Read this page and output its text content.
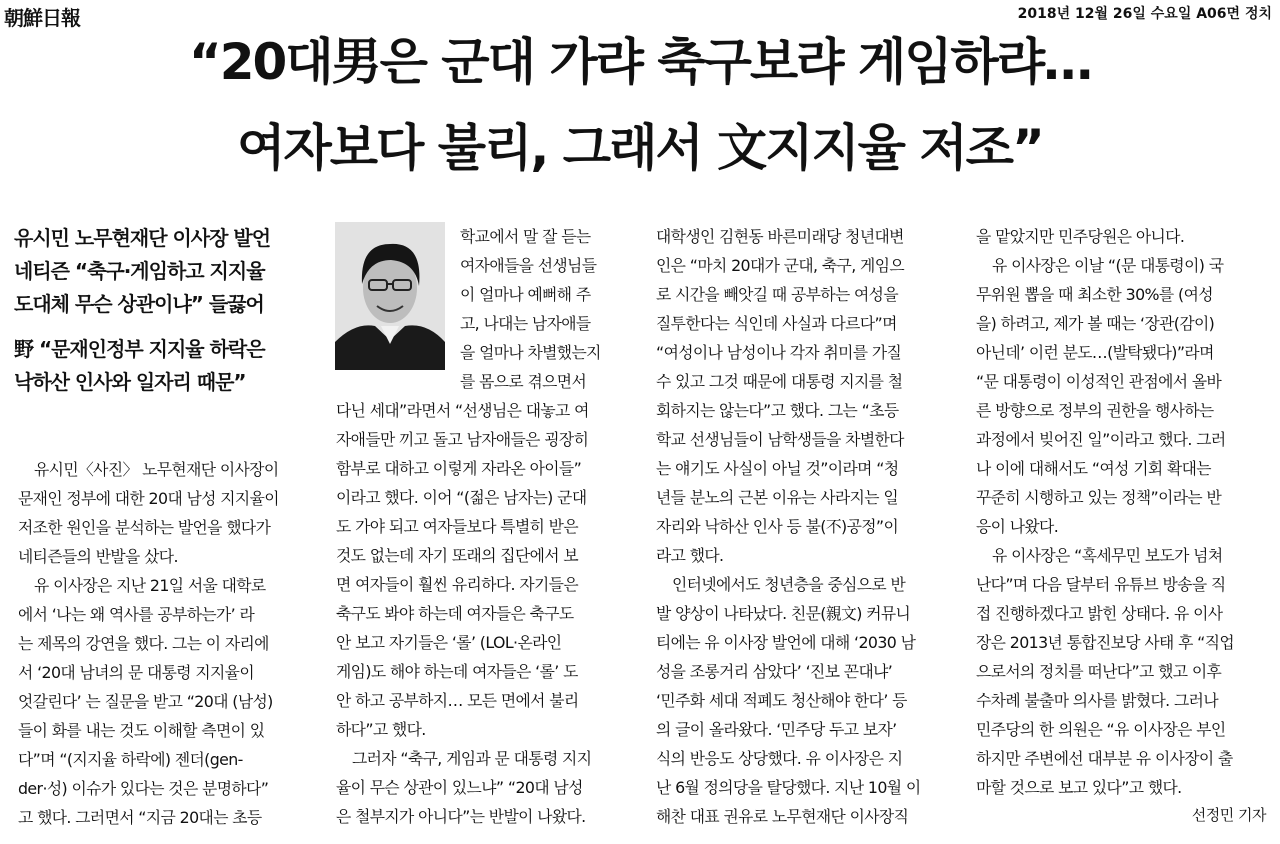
朝鮮日報	2018년 12월 26일 수요일 A06면 정치
“20대男은 군대 가랴 축구보랴 게임하랴…
여자보다 불리, 그래서 文지지율 저조”
유시민 노무현재단 이사장 발언
네티즌 “축구·게임하고 지지율
도대체 무슨 상관이냐” 들끓어
野 “문재인정부 지지율 하락은
낙하산 인사와 일자리 때문”
유시민〈사진〉 노무현재단 이사장이
문재인 정부에 대한 20대 남성 지지율이
저조한 원인을 분석하는 발언을 했다가
네티즌들의 반발을 샀다.
유 이사장은 지난 21일 서울 대학로
에서 ‘나는 왜 역사를 공부하는가’ 라
는 제목의 강연을 했다. 그는 이 자리에
서 ‘20대 남녀의 문 대통령 지지율이
엇갈린다’ 는 질문을 받고 “20대 (남성)
들이 화를 내는 것도 이해할 측면이 있
다”며 “(지지율 하락에) 젠더(gen-
der·성) 이슈가 있다는 것은 분명하다”
고 했다. 그러면서 “지금 20대는 초등
학교에서 말 잘 듣는
여자애들을 선생님들
이 얼마나 예뻐해 주
고, 나대는 남자애들
을 얼마나 차별했는지
를 몸으로 겪으면서
다닌 세대”라면서 “선생님은 대놓고 여
자애들만 끼고 돌고 남자애들은 굉장히
함부로 대하고 이렇게 자라온 아이들”
이라고 했다. 이어 “(젊은 남자는) 군대
도 가야 되고 여자들보다 특별히 받은
것도 없는데 자기 또래의 집단에서 보
면 여자들이 훨씬 유리하다. 자기들은
축구도 봐야 하는데 여자들은 축구도
안 보고 자기들은 ‘롤’ (LOL·온라인
게임)도 해야 하는데 여자들은 ‘롤’ 도
안 하고 공부하지… 모든 면에서 불리
하다”고 했다.
그러자 “축구, 게임과 문 대통령 지지
율이 무슨 상관이 있느냐” “20대 남성
은 철부지가 아니다”는 반발이 나왔다.
대학생인 김현동 바른미래당 청년대변
인은 “마치 20대가 군대, 축구, 게임으
로 시간을 빼앗길 때 공부하는 여성을
질투한다는 식인데 사실과 다르다”며
“여성이나 남성이나 각자 취미를 가질
수 있고 그것 때문에 대통령 지지를 철
회하지는 않는다”고 했다. 그는 “초등
학교 선생님들이 남학생들을 차별한다
는 얘기도 사실이 아닐 것”이라며 “청
년들 분노의 근본 이유는 사라지는 일
자리와 낙하산 인사 등 불(不)공정”이
라고 했다.
인터넷에서도 청년층을 중심으로 반
발 양상이 나타났다. 친문(親文) 커뮤니
티에는 유 이사장 발언에 대해 ‘2030 남
성을 조롱거리 삼았다’ ‘진보 꼰대냐’
‘민주화 세대 적폐도 청산해야 한다’ 등
의 글이 올라왔다. ‘민주당 두고 보자’
식의 반응도 상당했다. 유 이사장은 지
난 6월 정의당을 탈당했다. 지난 10월 이
해찬 대표 권유로 노무현재단 이사장직
을 맡았지만 민주당원은 아니다.
유 이사장은 이날 “(문 대통령이) 국
무위원 뽑을 때 최소한 30%를 (여성
을) 하려고, 제가 볼 때는 ‘장관(감이)
아닌데’ 이런 분도…(발탁됐다)”라며
“문 대통령이 이성적인 관점에서 올바
른 방향으로 정부의 권한을 행사하는
과정에서 빚어진 일”이라고 했다. 그러
나 이에 대해서도 “여성 기회 확대는
꾸준히 시행하고 있는 정책”이라는 반
응이 나왔다.
유 이사장은 “혹세무민 보도가 넘쳐
난다”며 다음 달부터 유튜브 방송을 직
접 진행하겠다고 밝힌 상태다. 유 이사
장은 2013년 통합진보당 사태 후 “직업
으로서의 정치를 떠난다”고 했고 이후
수차례 불출마 의사를 밝혔다. 그러나
민주당의 한 의원은 “유 이사장은 부인
하지만 주변에선 대부분 유 이사장이 출
마할 것으로 보고 있다”고 했다.
선정민 기자
